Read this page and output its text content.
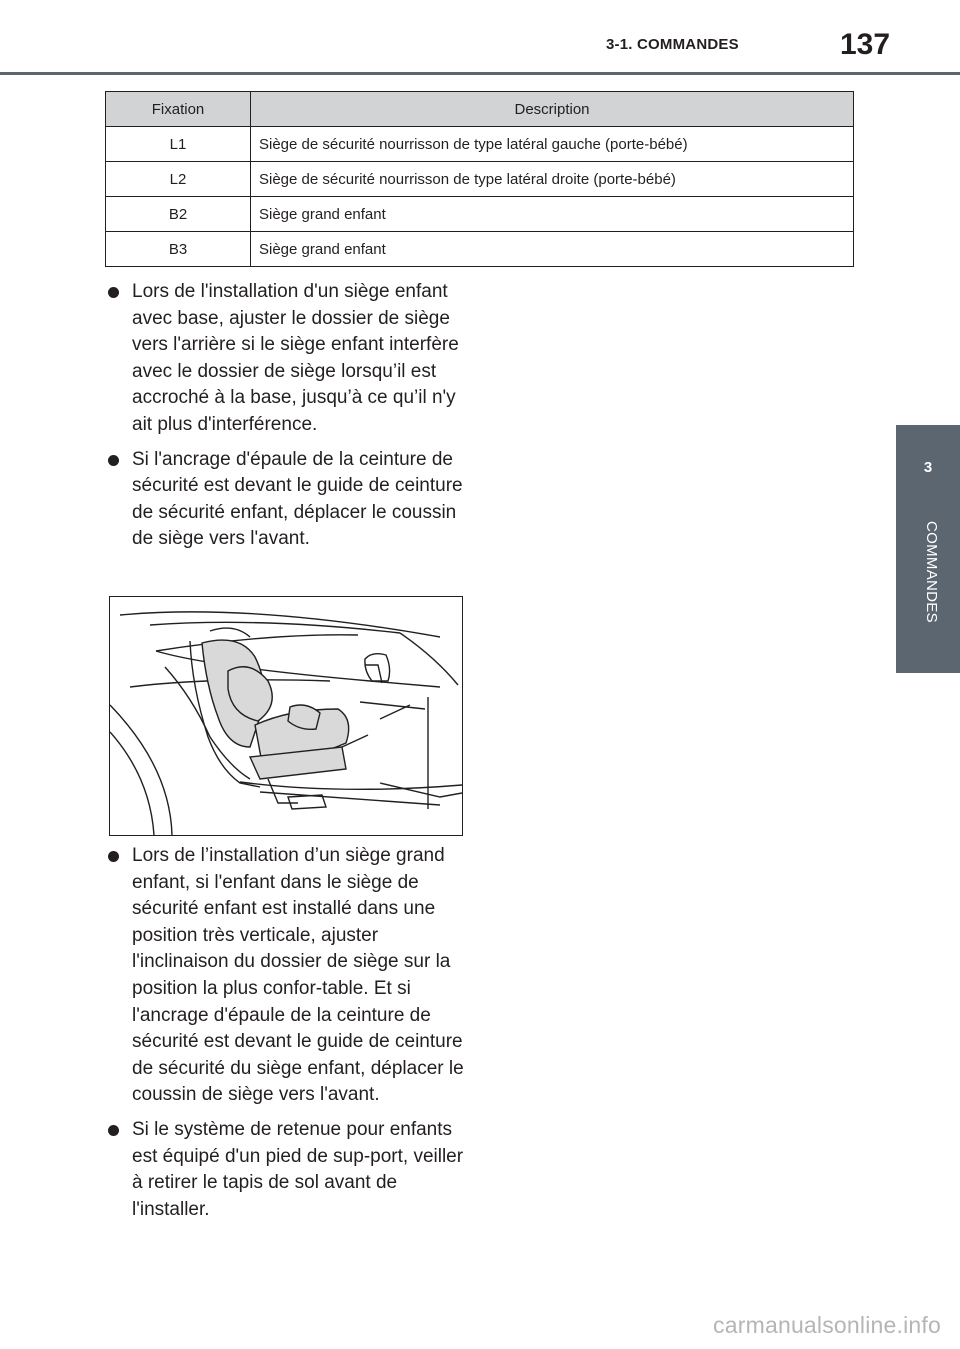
3-1. COMMANDES	137
3
COMMANDES
Fixation	Description
L1	Siège de sécurité nourrisson de type latéral gauche (porte-bébé)
L2	Siège de sécurité nourrisson de type latéral droite (porte-bébé)
B2	Siège grand enfant
B3	Siège grand enfant
Lors de l'installation d'un siège enfant avec base, ajuster le dossier de siège vers l'arrière si le siège enfant interfère avec le dossier de siège lorsqu’il est accroché à la base, jusqu’à ce qu’il n'y ait plus d'interférence.
Si l'ancrage d'épaule de la ceinture de sécurité est devant le guide de ceinture de sécurité enfant, déplacer le coussin de siège vers l'avant.
Lors de l’installation d’un siège grand enfant, si l'enfant dans le siège de sécurité enfant est installé dans une position très verticale, ajuster l'inclinaison du dossier de siège sur la position la plus confor-table. Et si l'ancrage d'épaule de la ceinture de sécurité est devant le guide de ceinture de sécurité du siège enfant, déplacer le coussin de siège vers l'avant.
Si le système de retenue pour enfants est équipé d'un pied de sup-port, veiller à retirer le tapis de sol avant de l'installer.
carmanualsonline.info
